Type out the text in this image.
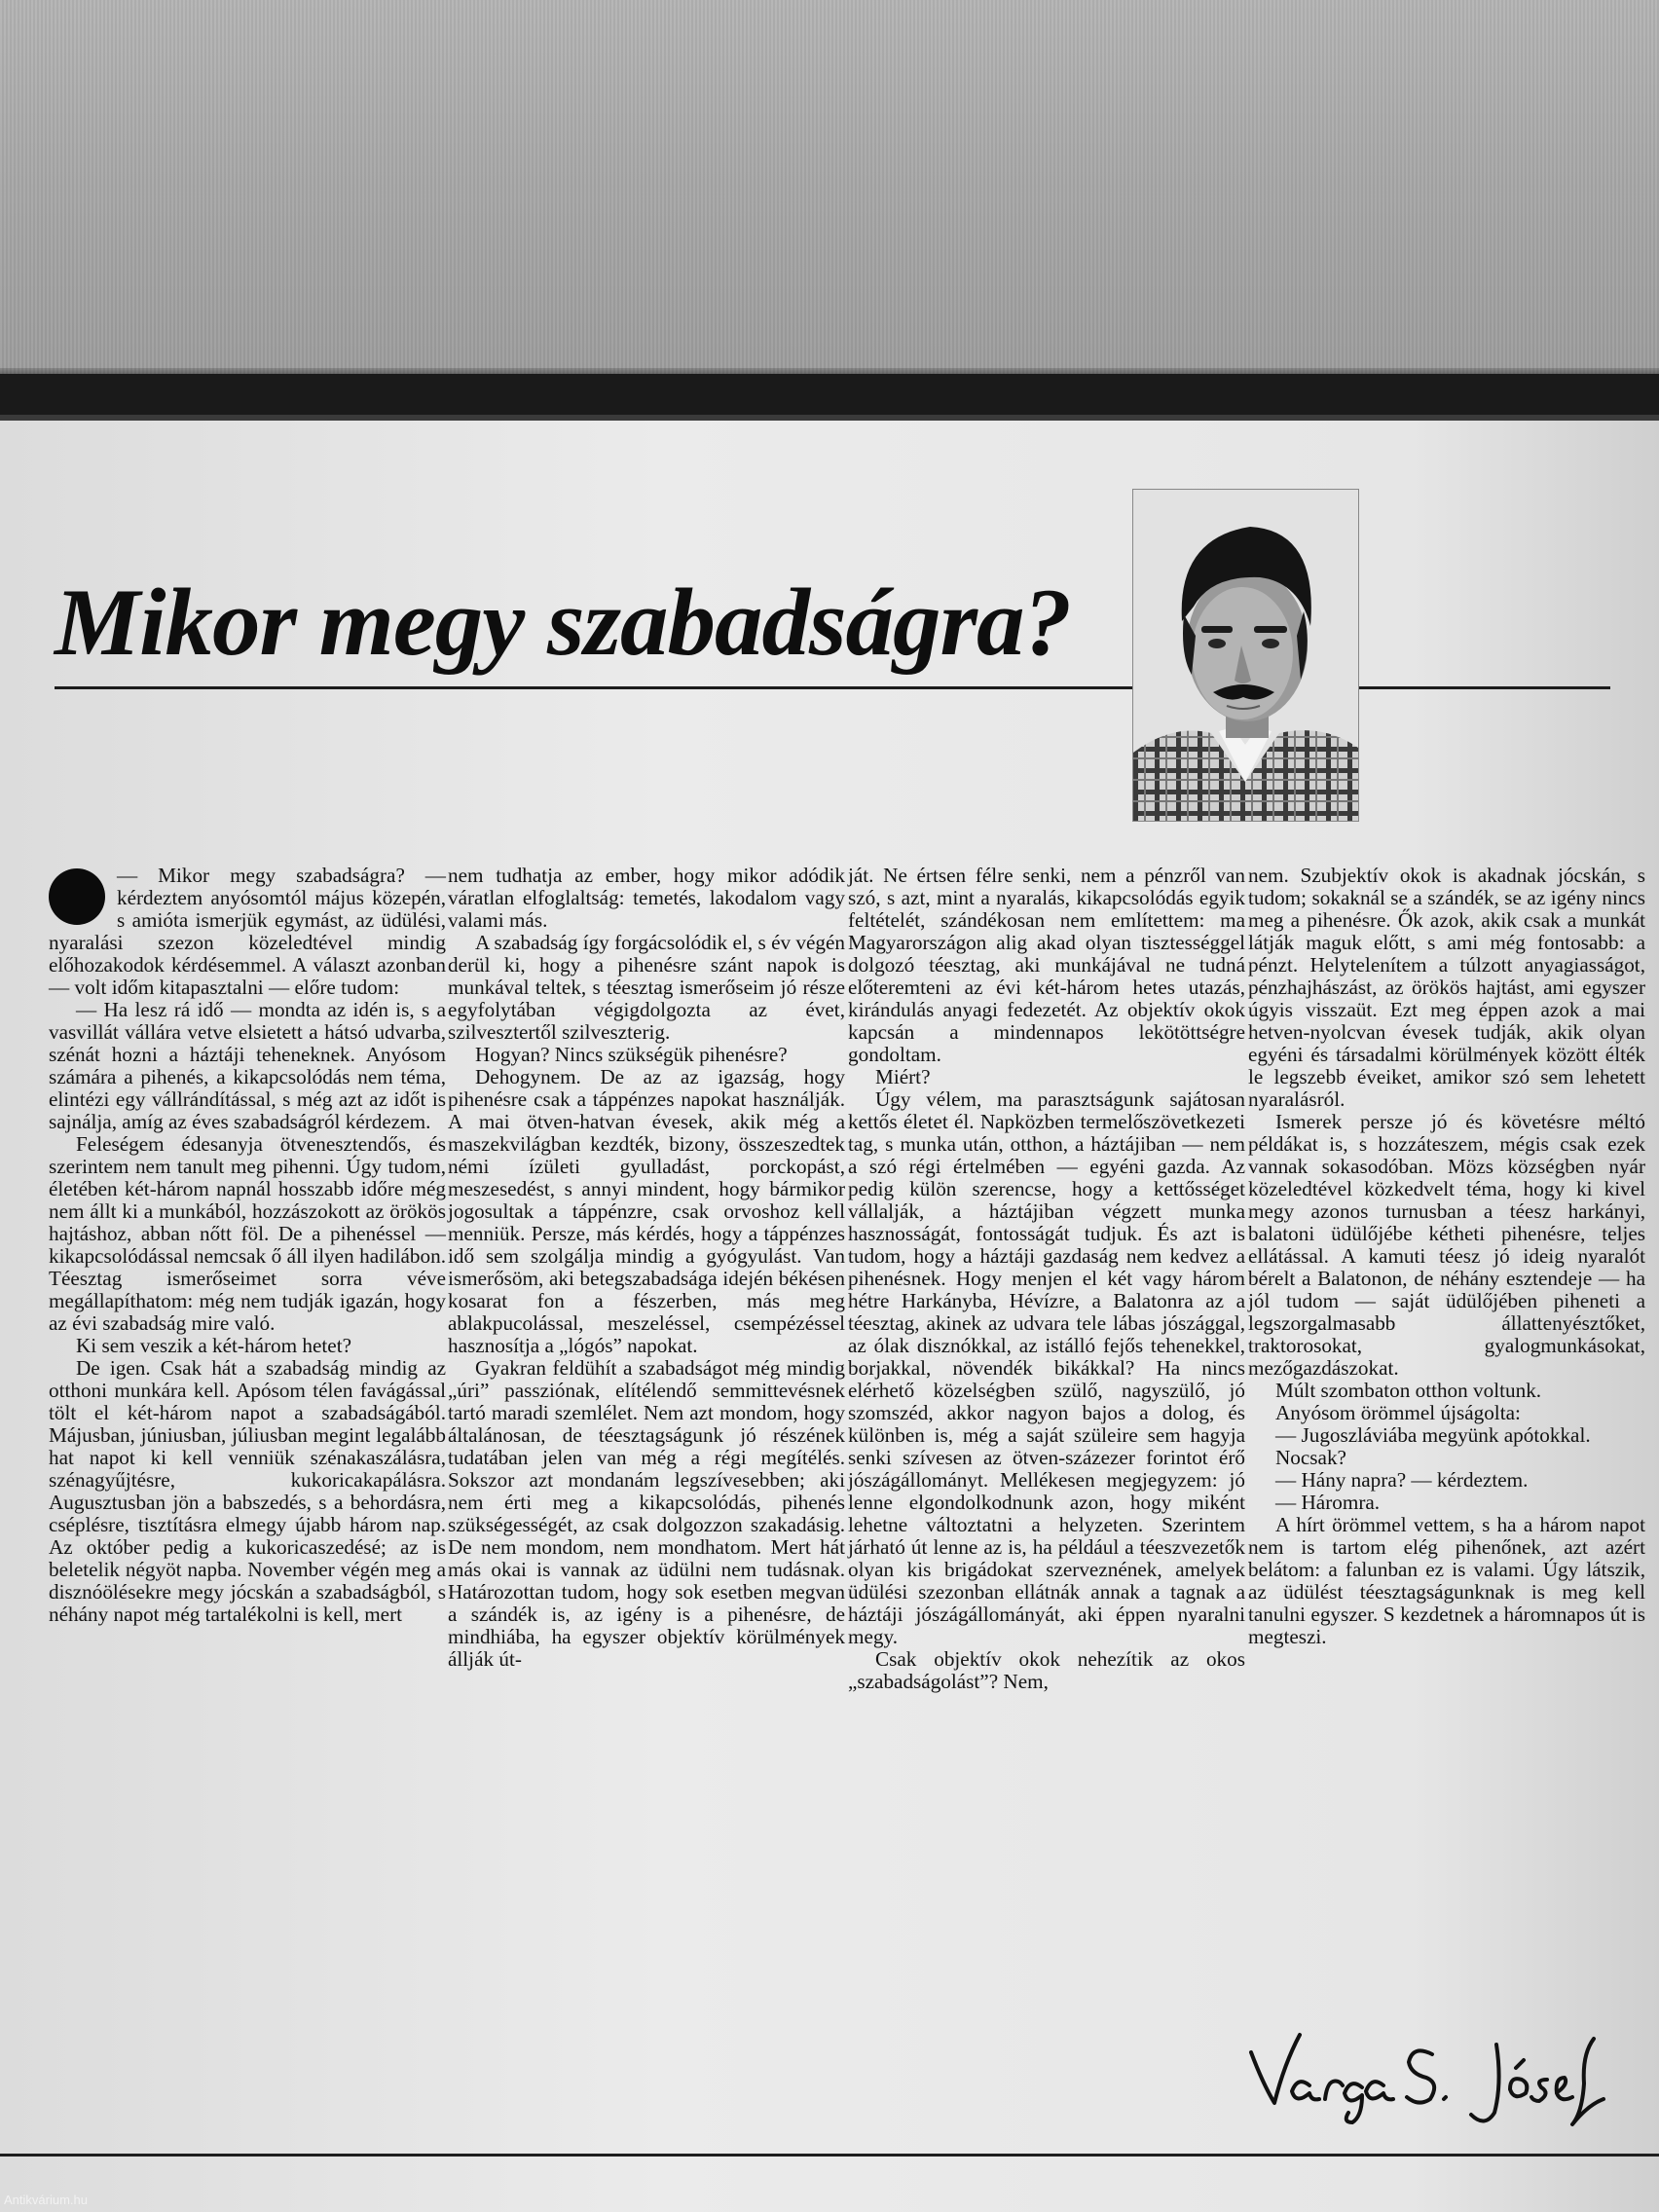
Mikor megy szabadságra?

— Mikor megy szabadságra? — kérdeztem anyósomtól május közepén, s amióta ismerjük egymást, az üdülési, nyaralási szezon közeledtével mindig előhozakodok kérdésemmel. A választ azonban — volt időm kitapasztalni — előre tudom:

— Ha lesz rá idő — mondta az idén is, s a vasvillát vállára vetve elsietett a hátsó udvarba, szénát hozni a háztáji teheneknek. Anyósom számára a pihenés, a kikapcsolódás nem téma, elintézi egy vállrándítással, s még azt az időt is sajnálja, amíg az éves szabadságról kérdezem.

Feleségem édesanyja ötvenesztendős, és szerintem nem tanult meg pihenni. Úgy tudom, életében két-három napnál hosszabb időre még nem állt ki a munkából, hozzászokott az örökös hajtáshoz, abban nőtt föl. De a pihenéssel — kikapcsolódással nemcsak ő áll ilyen hadilábon. Téesztag ismerőseimet sorra véve megállapíthatom: még nem tudják igazán, hogy az évi szabadság mire való.

Ki sem veszik a két-három hetet?

De igen. Csak hát a szabadság mindig az otthoni munkára kell. Apósom télen favágással tölt el két-három napot a szabadságából. Májusban, júniusban, júliusban megint legalább hat napot ki kell venniük szénakaszálásra, szénagyűjtésre, kukoricakapálásra. Augusztusban jön a babszedés, s a behordásra, cséplésre, tisztításra elmegy újabb három nap. Az október pedig a kukoricaszedésé; az is beletelik négyöt napba. November végén meg a disznóölésekre megy jócskán a szabadságból, s néhány napot még tartalékolni is kell, mert

nem tudhatja az ember, hogy mikor adódik váratlan elfoglaltság: temetés, lakodalom vagy valami más.

A szabadság így forgácsolódik el, s év végén derül ki, hogy a pihenésre szánt napok is munkával teltek, s téesztag ismerőseim jó része egyfolytában végigdolgozta az évet, szilvesztertől szilveszterig.

Hogyan? Nincs szükségük pihenésre?

Dehogynem. De az az igazság, hogy pihenésre csak a táppénzes napokat használják. A mai ötven-hatvan évesek, akik még a maszekvilágban kezdték, bizony, összeszedtek némi ízületi gyulladást, porckopást, meszesedést, s annyi mindent, hogy bármikor jogosultak a táppénzre, csak orvoshoz kell menniük. Persze, más kérdés, hogy a táppénzes idő sem szolgálja mindig a gyógyulást. Van ismerősöm, aki betegszabadsága idején békésen kosarat fon a fészerben, más meg ablakpucolással, meszeléssel, csempézéssel hasznosítja a „lógós” napokat.

Gyakran feldühít a szabadságot még mindig „úri” passziónak, elítélendő semmittevésnek tartó maradi szemlélet. Nem azt mondom, hogy általánosan, de téesztagságunk jó részének tudatában jelen van még a régi megítélés. Sokszor azt mondanám legszívesebben; aki nem érti meg a kikapcsolódás, pihenés szükségességét, az csak dolgozzon szakadásig. De nem mondom, nem mondhatom. Mert hát más okai is vannak az üdülni nem tudásnak. Határozottan tudom, hogy sok esetben megvan a szándék is, az igény is a pihenésre, de mindhiába, ha egyszer objektív körülmények állják út-

ját. Ne értsen félre senki, nem a pénzről van szó, s azt, mint a nyaralás, kikapcsolódás egyik feltételét, szándékosan nem említettem: ma Magyarországon alig akad olyan tisztességgel dolgozó téesztag, aki munkájával ne tudná előteremteni az évi két-három hetes utazás, kirándulás anyagi fedezetét. Az objektív okok kapcsán a mindennapos lekötöttségre gondoltam.

Miért?

Úgy vélem, ma parasztságunk sajátosan kettős életet él. Napközben termelőszövetkezeti tag, s munka után, otthon, a háztájiban — nem a szó régi értelmében — egyéni gazda. Az pedig külön szerencse, hogy a kettősséget vállalják, a háztájiban végzett munka hasznosságát, fontosságát tudjuk. És azt is tudom, hogy a háztáji gazdaság nem kedvez a pihenésnek. Hogy menjen el két vagy három hétre Harkányba, Hévízre, a Balatonra az a téesztag, akinek az udvara tele lábas jószággal, az ólak disznókkal, az istálló fejős tehenekkel, borjakkal, növendék bikákkal? Ha nincs elérhető közelségben szülő, nagyszülő, jó szomszéd, akkor nagyon bajos a dolog, és különben is, még a saját szüleire sem hagyja senki szívesen az ötven-százezer forintot érő jószágállományt. Mellékesen megjegyzem: jó lenne elgondolkodnunk azon, hogy miként lehetne változtatni a helyzeten. Szerintem járható út lenne az is, ha például a téeszvezetők olyan kis brigádokat szerveznének, amelyek üdülési szezonban ellátnák annak a tagnak a háztáji jószágállományát, aki éppen nyaralni megy.

Csak objektív okok nehezítik az okos „szabadságolást”? Nem,

nem. Szubjektív okok is akadnak jócskán, s tudom; sokaknál se a szándék, se az igény nincs meg a pihenésre. Ők azok, akik csak a munkát látják maguk előtt, s ami még fontosabb: a pénzt. Helytelenítem a túlzott anyagiasságot, pénzhajhászást, az örökös hajtást, ami egyszer úgyis visszaüt. Ezt meg éppen azok a mai hetven-nyolcvan évesek tudják, akik olyan egyéni és társadalmi körülmények között élték le legszebb éveiket, amikor szó sem lehetett nyaralásról.

Ismerek persze jó és követésre méltó példákat is, s hozzáteszem, mégis csak ezek vannak sokasodóban. Mözs községben nyár közeledtével közkedvelt téma, hogy ki kivel megy azonos turnusban a téesz harkányi, balatoni üdülőjébe kétheti pihenésre, teljes ellátással. A kamuti téesz jó ideig nyaralót bérelt a Balatonon, de néhány esztendeje — ha jól tudom — saját üdülőjében piheneti a legszorgalmasabb állattenyésztőket, traktorosokat, gyalogmunkásokat, mezőgazdászokat.

Múlt szombaton otthon voltunk.

Anyósom örömmel újságolta:

— Jugoszláviába megyünk apótokkal.

Nocsak?

— Hány napra? — kérdeztem.

— Háromra.

A hírt örömmel vettem, s ha a három napot nem is tartom elég pihenőnek, azt azért belátom: a falunban ez is valami. Úgy látszik, az üdülést téesztagságunknak is meg kell tanulni egyszer. S kezdetnek a háromnapos út is megteszi.

Antikvárium.hu
